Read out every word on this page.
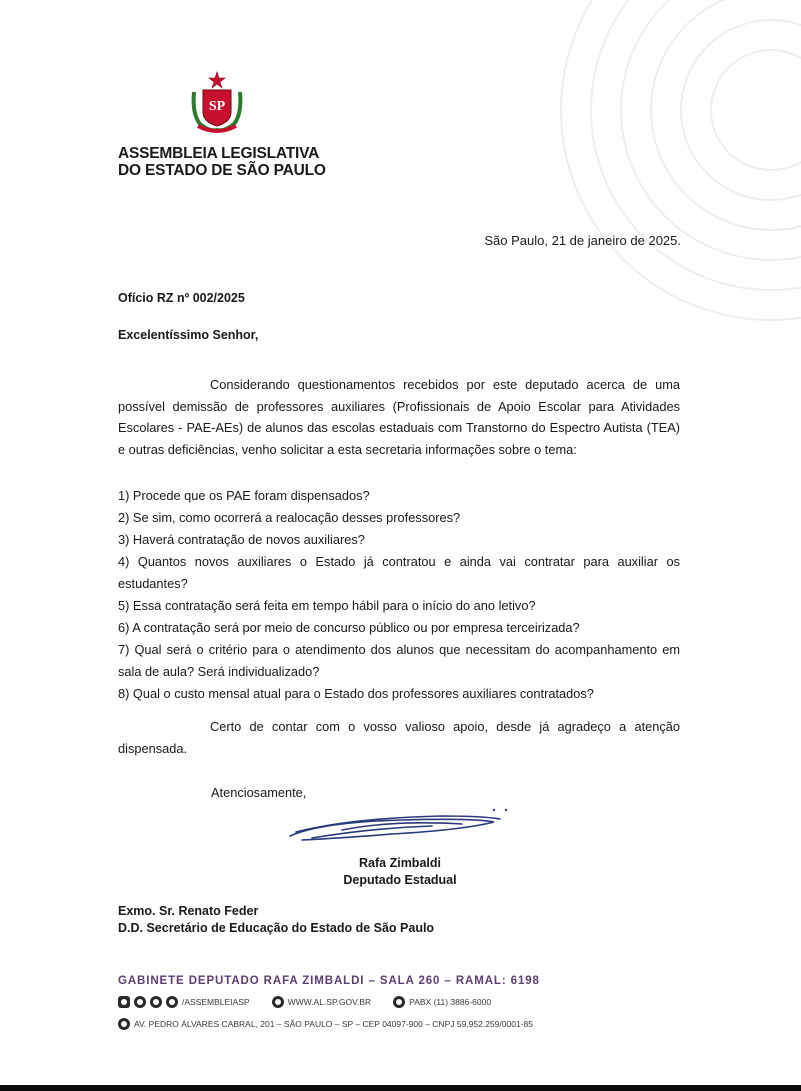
SP
ASSEMBLEIA LEGISLATIVA
DO ESTADO DE SÃO PAULO
São Paulo, 21 de janeiro de 2025.
Ofício RZ nº 002/2025
Excelentíssimo Senhor,

Considerando questionamentos recebidos por este deputado acerca de uma possível demissão de professores auxiliares (Profissionais de Apoio Escolar para Atividades Escolares - PAE-AEs) de alunos das escolas estaduais com Transtorno do Espectro Autista (TEA) e outras deficiências, venho solicitar a esta secretaria informações sobre o tema:

1) Procede que os PAE foram dispensados?
2) Se sim, como ocorrerá a realocação desses professores?
3) Haverá contratação de novos auxiliares?
4) Quantos novos auxiliares o Estado já contratou e ainda vai contratar para auxiliar os estudantes?
5) Essa contratação será feita em tempo hábil para o início do ano letivo?
6) A contratação será por meio de concurso público ou por empresa terceirizada?
7) Qual será o critério para o atendimento dos alunos que necessitam do acompanhamento em sala de aula? Será individualizado?
8) Qual o custo mensal atual para o Estado dos professores auxiliares contratados?

Certo de contar com o vosso valioso apoio, desde já agradeço a atenção dispensada.

Atenciosamente,
Rafa Zimbaldi
Deputado Estadual
Exmo. Sr. Renato Feder
D.D. Secretário de Educação do Estado de São Paulo
GABINETE DEPUTADO RAFA ZIMBALDI – SALA 260 – RAMAL: 6198
/ASSEMBLEIASP	WWW.AL.SP.GOV.BR	PABX (11) 3886-6000
AV. PEDRO ÁLVARES CABRAL, 201 – SÃO PAULO – SP – CEP 04097-900 – CNPJ 59.952.259/0001-85
